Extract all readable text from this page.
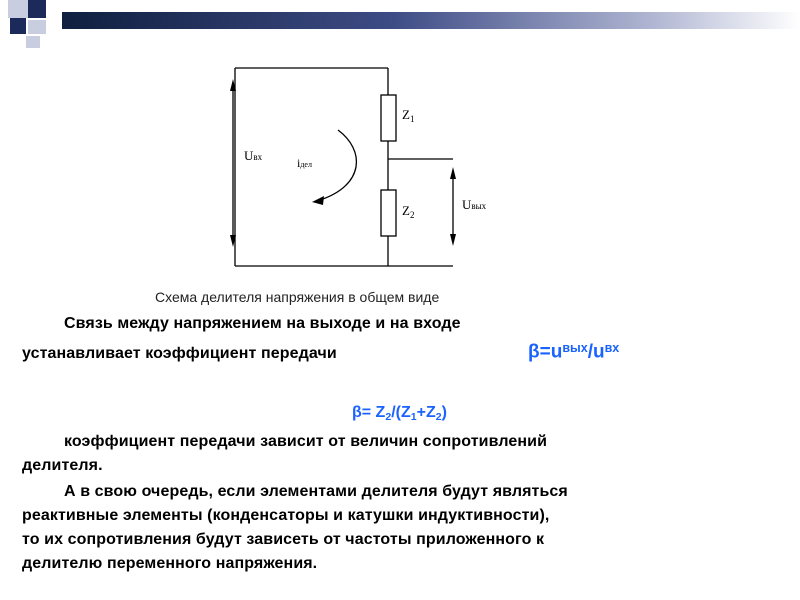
Uвх	iдел
$Z_1$
$Z_2$
Uвых
Схема делителя напряжения в общем виде
Связь между напряжением на выходе и на входе
устанавливает коэффициент передачи	$\beta=u^{вых}/u^{вх}$
$\beta= Z_2/(Z_1+Z_2)$
коэффициент передачи зависит от величин сопротивлений
делителя.
А в свою очередь, если элементами делителя будут являться
реактивные элементы (конденсаторы и катушки индуктивности),
то их сопротивления будут зависеть от частоты приложенного к
делителю переменного напряжения.
